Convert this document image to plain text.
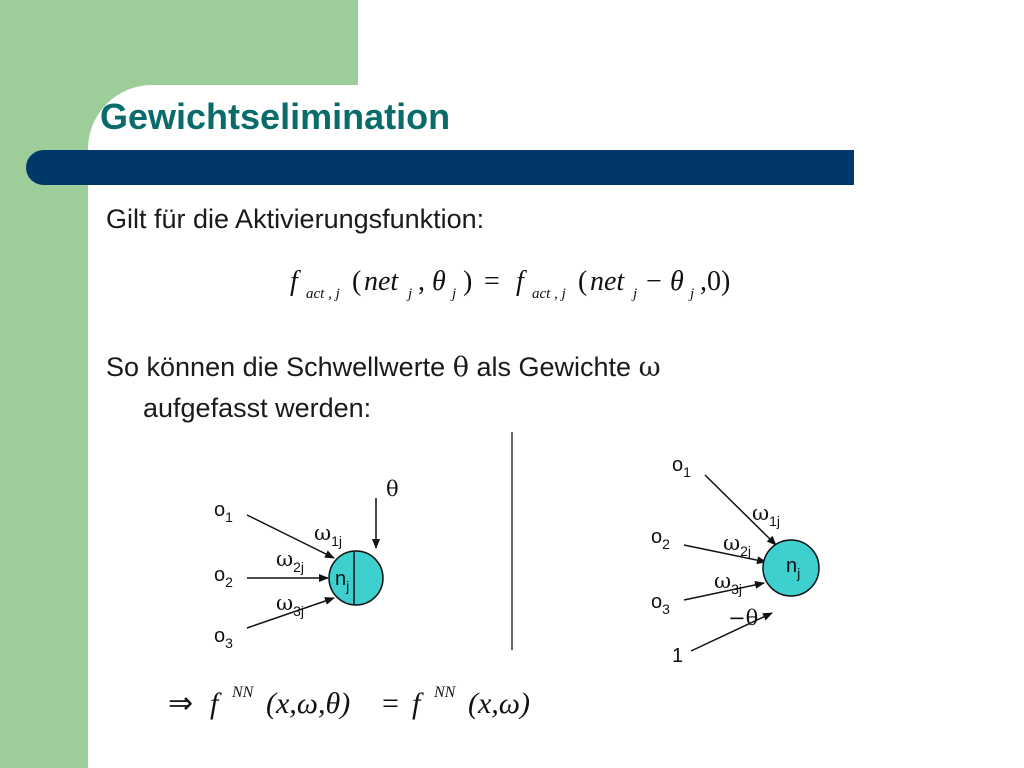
Gewichtselimination
Gilt für die Aktivierungsfunktion:
So können die Schwellwerte θ als Gewichte ω
aufgefasst werden:
f act , j ( net j , θ j ) = f act , j ( net j − θ j ,0)
$o_1$
$o_2$
$o_3$
θ
$\omega_{1j}$
$\omega_{2j}$
$\omega_{3j}$
$n_j$
$o_1$
$o_2$
$o_3$
1
$\omega_{1j}$
$\omega_{2j}$
$\omega_{3j}$
−θ
$n_j$
⇒ f NN (x,ω,θ) = f NN (x,ω)
